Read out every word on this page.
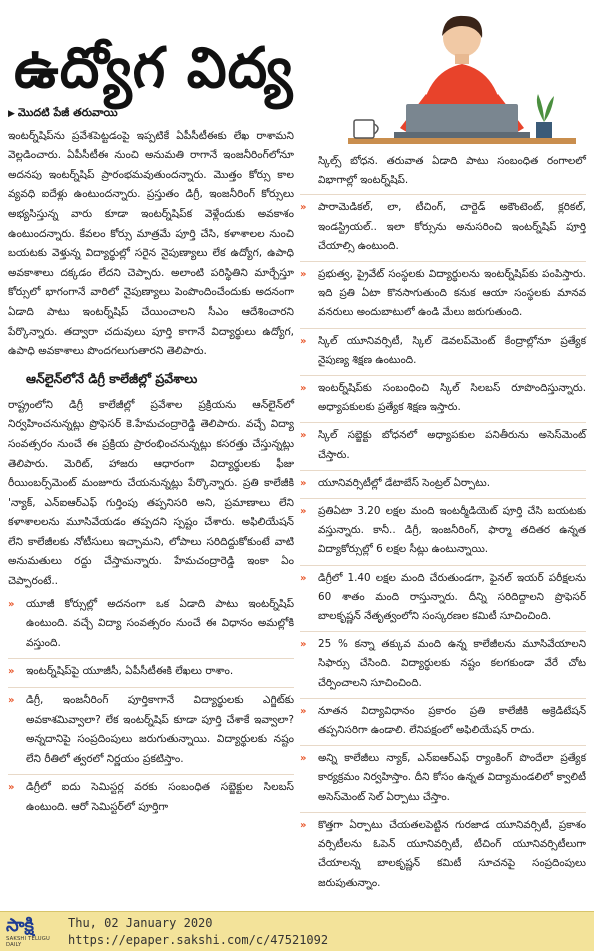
ఉద్యోగ విద్య
▶ మొదటి పేజీ తరువాయి

ఇంటర్న్‌షిప్‌ను ప్రవేశపెట్టడంపై ఇప్పటికే ఏపీసీటీఈకు లేఖ రాశామని వెల్లడించారు. ఏపీసీటీఈ నుంచి అనుమతి రాగానే ఇంజనీరింగ్‌లోనూ అదనపు ఇంటర్న్‌షిప్ ప్రారంభమవుతుందన్నారు. మొత్తం కోర్సు కాల వ్యవధి ఐదేళ్లు ఉంటుందన్నారు. ప్రస్తుతం డిగ్రీ, ఇంజనీరింగ్ కోర్సులు అభ్యసిస్తున్న వారు కూడా ఇంటర్న్‌షిప్‌క వెళ్లేందుకు అవకాశం ఉంటుందన్నారు. కేవలం కోర్సు మాత్రమే పూర్తి చేసి, కళాశాలల నుంచి బయటకు వెళ్తున్న విద్యార్థుల్లో సరైన నైపుణ్యాలు లేక ఉద్యోగ, ఉపాధి అవకాశాలు దక్కడం లేదని చెప్పారు. అలాంటి పరిస్థితిని మార్చేస్తూ కోర్సులో భాగంగానే వారిలో నైపుణ్యాలు పెంపొందించేందుకు అదనంగా ఏడాది పాటు ఇంటర్న్‌షిప్ చేయించాలని సీఎం ఆదేశించారని పేర్కొన్నారు. తద్వారా చదువులు పూర్తి కాగానే విద్యార్థులు ఉద్యోగ, ఉపాధి అవకాశాలు పొందగలుగుతారని తెలిపారు.

ఆన్‌లైన్‌లోనే డిగ్రీ కాలేజీల్లో ప్రవేశాలు

రాష్ట్రంలోని డిగ్రీ కాలేజీల్లో ప్రవేశాల ప్రక్రియను ఆన్‌లైన్‌లో నిర్వహించనున్నట్లు ప్రొఫెసర్ కె.హేమచంద్రారెడ్డి తెలిపారు. వచ్చే విద్యా సంవత్సరం నుంచే ఈ ప్రక్రియ ప్రారంభించనున్నట్లు కసరత్తు చేస్తున్నట్లు తెలిపారు. మెరిట్, హాజరు ఆధారంగా విద్యార్థులకు ఫీజు రీయింబర్స్‌మెంట్ మంజూరు చేయనున్నట్లు పేర్కొన్నారు. ప్రతి కాలేజీకి 'న్యాక్, ఎన్‌ఐఆర్‌ఎఫ్ గుర్తింపు తప్పనిసరి అని, ప్రమాణాలు లేని కళాశాలలను మూసివేయడం తప్పదని స్పష్టం చేశారు. అఫిలియేషన్ లేని కాలేజీలకు నోటీసులు ఇచ్చామని, లోపాలు సరిదిద్దుకోకుంటే వాటి అనుమతులు రద్దు చేస్తామన్నారు. హేమచంద్రారెడ్డి ఇంకా ఏం చెప్పారంటే..

»	యూజీ కోర్సుల్లో అదనంగా ఒక ఏడాది పాటు ఇంటర్న్‌షిప్ ఉంటుంది. వచ్చే విద్యా సంవత్సరం నుంచే ఈ విధానం అమల్లోకి వస్తుంది.
»	ఇంటర్న్‌షిప్‌పై యూజీసీ, ఏపీసీటీఈకి లేఖలు రాశాం.
»	డిగ్రీ, ఇంజనీరింగ్ పూర్తికాగానే విద్యార్థులకు ఎగ్జిట్‌కు అవకాశమివ్వాలా? లేక ఇంటర్న్‌షిప్ కూడా పూర్తి చేశాకే ఇవ్వాలా? అన్నదానిపై సంప్రదింపులు జరుగుతున్నాయి. విద్యార్థులకు నష్టం లేని రీతిలో త్వరలో నిర్ణయం ప్రకటిస్తాం.
»	డిగ్రీలో ఐదు సెమిస్టర్ల వరకు సంబంధిత సబ్జెక్టుల సిలబస్ ఉంటుంది. ఆరో సెమిస్టర్‌లో పూర్తిగా

స్కిల్స్ బోధన. తరువాత ఏడాది పాటు సంబంధిత రంగాలలో విభాగాల్లో ఇంటర్న్‌షిప్.

»	పారామెడికల్, లా, టీచింగ్, చార్టెడ్ అకౌంటెంట్, క్లరికల్, ఇండస్ట్రియల్.. ఇలా కోర్సును అనుసరించి ఇంటర్న్‌షిప్ పూర్తి చేయాల్సి ఉంటుంది.
»	ప్రభుత్వ, ప్రైవేట్ సంస్థలకు విద్యార్థులను ఇంటర్న్‌షిప్‌కు పంపిస్తారు. ఇది ప్రతి ఏటా కొనసాగుతుంది కనుక ఆయా సంస్థలకు మానవ వనరులు అందుబాటులో ఉండి మేలు జరుగుతుంది.
»	స్కిల్ యూనివర్సిటీ, స్కిల్ డెవలప్‌మెంట్ కేంద్రాల్లోనూ ప్రత్యేక నైపుణ్య శిక్షణ ఉంటుంది.
»	ఇంటర్న్‌షిప్‌కు సంబంధించి స్కిల్ సిలబస్ రూపొందిస్తున్నారు. అధ్యాపకులకు ప్రత్యేక శిక్షణ ఇస్తారు.
»	స్కిల్ సబ్జెక్టు బోధనలో అధ్యాపకుల పనితీరును అసెస్‌మెంట్ చేస్తారు.
»	యూనివర్సిటీల్లో డేటాబేస్ సెంట్రల్ ఏర్పాటు.
»	ప్రతిఏటా 3.20 లక్షల మంది ఇంటర్మీడియెట్ పూర్తి చేసి బయటకు వస్తున్నారు. కానీ.. డిగ్రీ, ఇంజనీరింగ్, ఫార్మా తదితర ఉన్నత విద్యాకోర్సుల్లో 6 లక్షల సీట్లు ఉంటున్నాయి.
»	డిగ్రీలో 1.40 లక్షల మంది చేరుతుండగా, ఫైనల్ ఇయర్ పరీక్షలను 60 శాతం మంది రాస్తున్నారు. దీన్ని సరిదిద్దాలని ప్రొఫెసర్ బాలకృష్ణన్ నేతృత్వంలోని సంస్కరణల కమిటీ సూచించింది.
»	25 % కన్నా తక్కువ మంది ఉన్న కాలేజీలను మూసివేయాలని సిఫార్సు చేసింది. విద్యార్థులకు నష్టం కలగకుండా వేరే చోట చేర్పించాలని సూచించింది.
»	నూతన విద్యావిధానం ప్రకారం ప్రతి కాలేజీకి అక్రెడిటేషన్ తప్పనిసరిగా ఉండాలి. లేనిపక్షంలో అఫిలియేషన్ రాదు.
»	అన్ని కాలేజీలు న్యాక్, ఎన్‌ఐఆర్‌ఎఫ్ ర్యాంకింగ్ పొందేలా ప్రత్యేక కార్యక్రమం నిర్వహిస్తాం. దీని కోసం ఉన్నత విద్యామండలిలో క్వాలిటీ అసెస్‌మెంట్ సెల్ ఏర్పాటు చేస్తాం.
»	కొత్తగా ఏర్పాటు చేయతలపెట్టిన గురజాడ యూనివర్సిటీ, ప్రకాశం వర్సిటీలను ఓపెన్ యూనివర్సిటీ, టీచింగ్ యూనివర్సిటీలుగా చేయాలన్న బాలకృష్ణన్ కమిటీ సూచనపై సంప్రదింపులు జరుపుతున్నాం.
సాక్షి
SAKSHI TELUGU DAILY
Thu, 02 January 2020
https://epaper.sakshi.com/c/47521092
